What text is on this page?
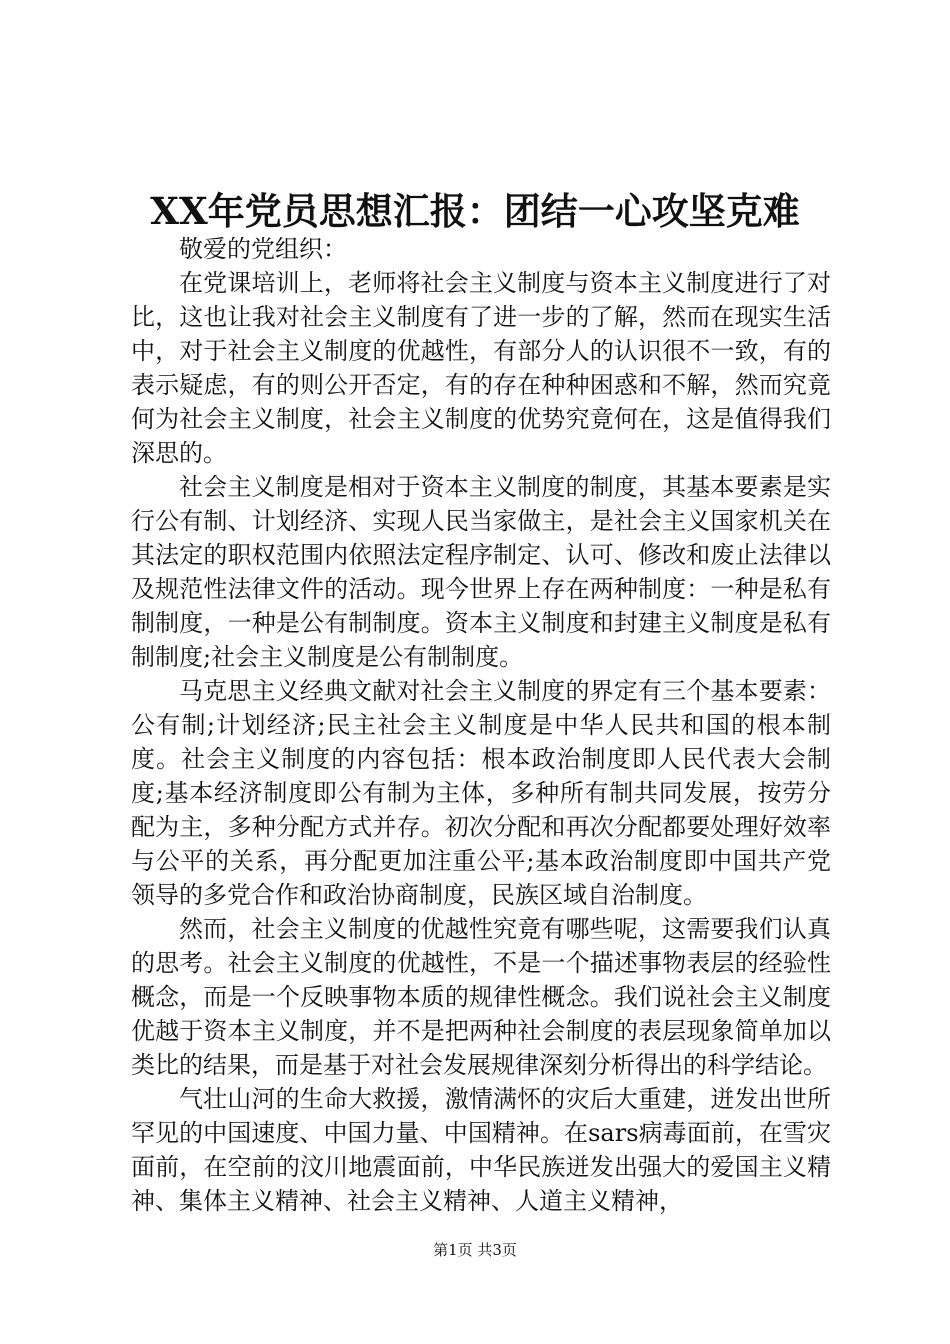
XX年党员思想汇报：团结一心攻坚克难

敬爱的党组织：

在党课培训上，老师将社会主义制度与资本主义制度进行了对比，这也让我对社会主义制度有了进一步的了解，然而在现实生活中，对于社会主义制度的优越性，有部分人的认识很不一致，有的表示疑虑，有的则公开否定，有的存在种种困惑和不解，然而究竟何为社会主义制度，社会主义制度的优势究竟何在，这是值得我们深思的。

社会主义制度是相对于资本主义制度的制度，其基本要素是实行公有制、计划经济、实现人民当家做主，是社会主义国家机关在其法定的职权范围内依照法定程序制定、认可、修改和废止法律以及规范性法律文件的活动。现今世界上存在两种制度：一种是私有制制度，一种是公有制制度。资本主义制度和封建主义制度是私有制制度;社会主义制度是公有制制度。

马克思主义经典文献对社会主义制度的界定有三个基本要素：公有制;计划经济;民主社会主义制度是中华人民共和国的根本制度。社会主义制度的内容包括：根本政治制度即人民代表大会制度;基本经济制度即公有制为主体，多种所有制共同发展，按劳分配为主，多种分配方式并存。初次分配和再次分配都要处理好效率与公平的关系，再分配更加注重公平;基本政治制度即中国共产党领导的多党合作和政治协商制度，民族区域自治制度。

然而，社会主义制度的优越性究竟有哪些呢，这需要我们认真的思考。社会主义制度的优越性，不是一个描述事物表层的经验性概念，而是一个反映事物本质的规律性概念。我们说社会主义制度优越于资本主义制度，并不是把两种社会制度的表层现象简单加以类比的结果，而是基于对社会发展规律深刻分析得出的科学结论。

气壮山河的生命大救援，激情满怀的灾后大重建，迸发出世所罕见的中国速度、中国力量、中国精神。在sars病毒面前，在雪灾面前，在空前的汶川地震面前，中华民族迸发出强大的爱国主义精神、集体主义精神、社会主义精神、人道主义精神，

第1页 共3页
